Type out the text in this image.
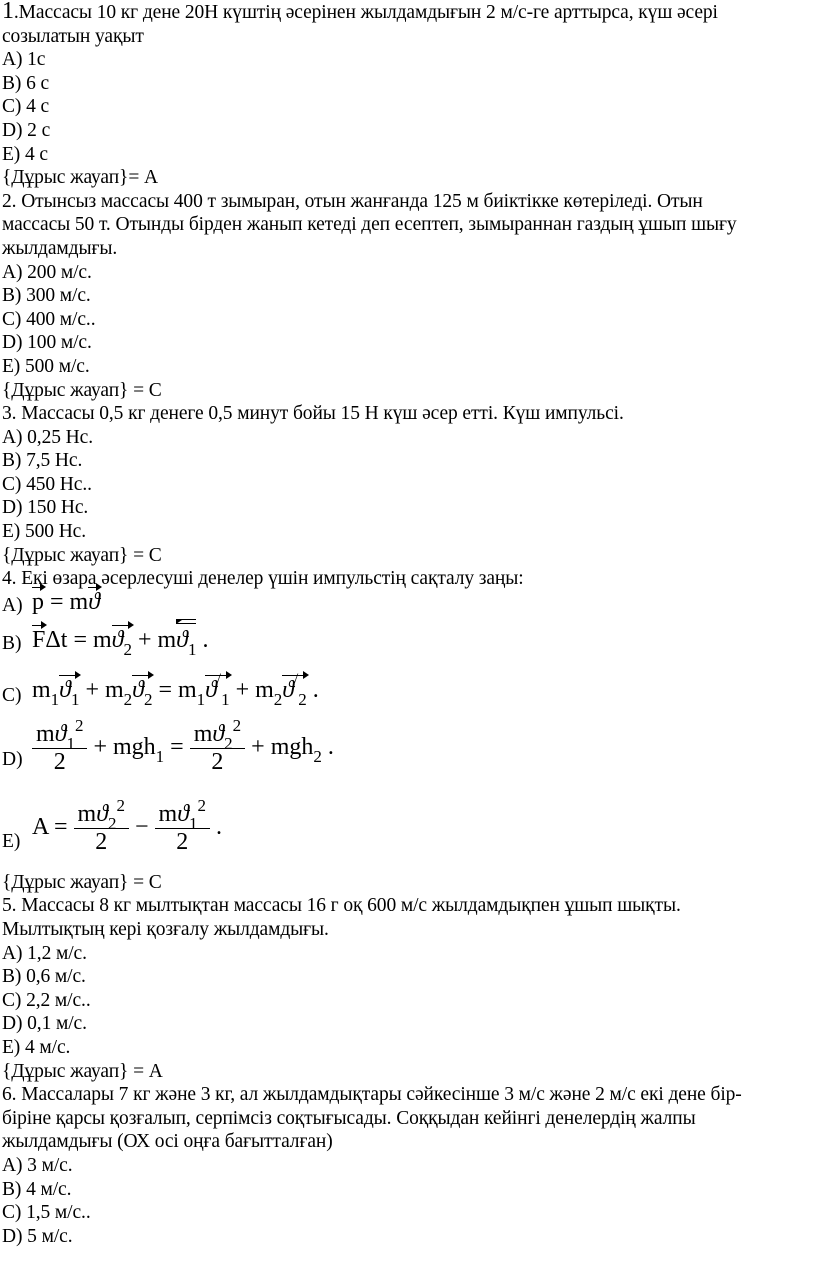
1.Массасы 10 кг дене 20Н күштің әсерінен жылдамдығын 2 м/с-ге арттырса, күш әсері
созылатын уақыт
А) 1с
В) 6 с
С) 4 с
D) 2 с
Е) 4 с
{Дұрыс жауап}= А
2. Отынсыз массасы 400 т зымыран, отын жанғанда 125 м биіктікке көтеріледі. Отын
массасы 50 т. Отынды бірден жанып кетеді деп есептеп, зымыраннан газдың ұшып шығу
жылдамдығы.
А) 200 м/с.
В) 300 м/с.
С) 400 м/с..
D) 100 м/с.
Е) 500 м/с.
{Дұрыс жауап} = С
3. Массасы 0,5 кг денеге 0,5 минут бойы 15 Н күш әсер етті. Күш импульсі.
А) 0,25 Нс.
В) 7,5 Нс.
С) 450 Нс..
D) 150 Нс.
Е) 500 Нс.
{Дұрыс жауап} = С
4. Екі өзара әсерлесуші денелер үшін импульстің сақталу заңы:
А) p = mϑ
В) $F\Delta t = mϑ_2 + mϑ_1$ .
С) $m_1ϑ_1 + m_2ϑ_2 = m_1ϑ^/_1 + m_2ϑ^/_2$ .
$D) \frac{mϑ_1^2}{2} + mgh_1 = \frac{mϑ_2^2}{2} + mgh_2$ .
Е)
$A = \frac{mϑ_2^2}{2} - \frac{mϑ_1^2}{2}$ .
{Дұрыс жауап} = С
5. Массасы 8 кг мылтықтан массасы 16 г оқ 600 м/с жылдамдықпен ұшып шықты.
Мылтықтың кері қозғалу жылдамдығы.
А) 1,2 м/с.
В) 0,6 м/с.
С) 2,2 м/с..
D) 0,1 м/с.
Е) 4 м/с.
{Дұрыс жауап} = А
6. Массалары 7 кг және 3 кг, ал жылдамдықтары сәйкесінше 3 м/с және 2 м/с екі дене бір-
біріне қарсы қозғалып, серпімсіз соқтығысады. Соққыдан кейінгі денелердің жалпы
жылдамдығы (ОХ осі оңға бағытталған)
А) 3 м/с.
В) 4 м/с.
С) 1,5 м/с..
D) 5 м/с.
